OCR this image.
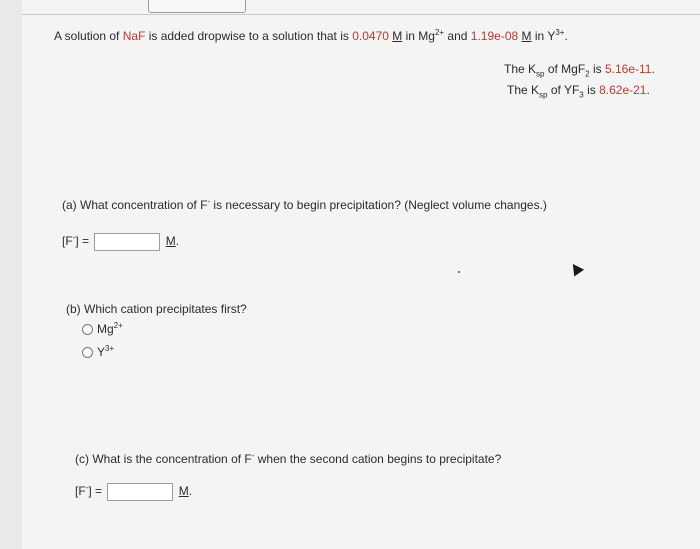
A solution of NaF is added dropwise to a solution that is 0.0470 M in $Mg^{2+}$ and 1.19e-08 M in $Y^{3+}$.
The $K_{sp}$ of MgF$_2$ is 5.16e-11.
The $K_{sp}$ of $YF_3$ is 8.62e-21.
(a) What concentration of F- is necessary to begin precipitation? (Neglect volume changes.)
[F-] =	M.
(b) Which cation precipitates first?
$Mg^{2+}$
$Y^{3+}$
(c) What is the concentration of F- when the second cation begins to precipitate?
[F-] =	M.
